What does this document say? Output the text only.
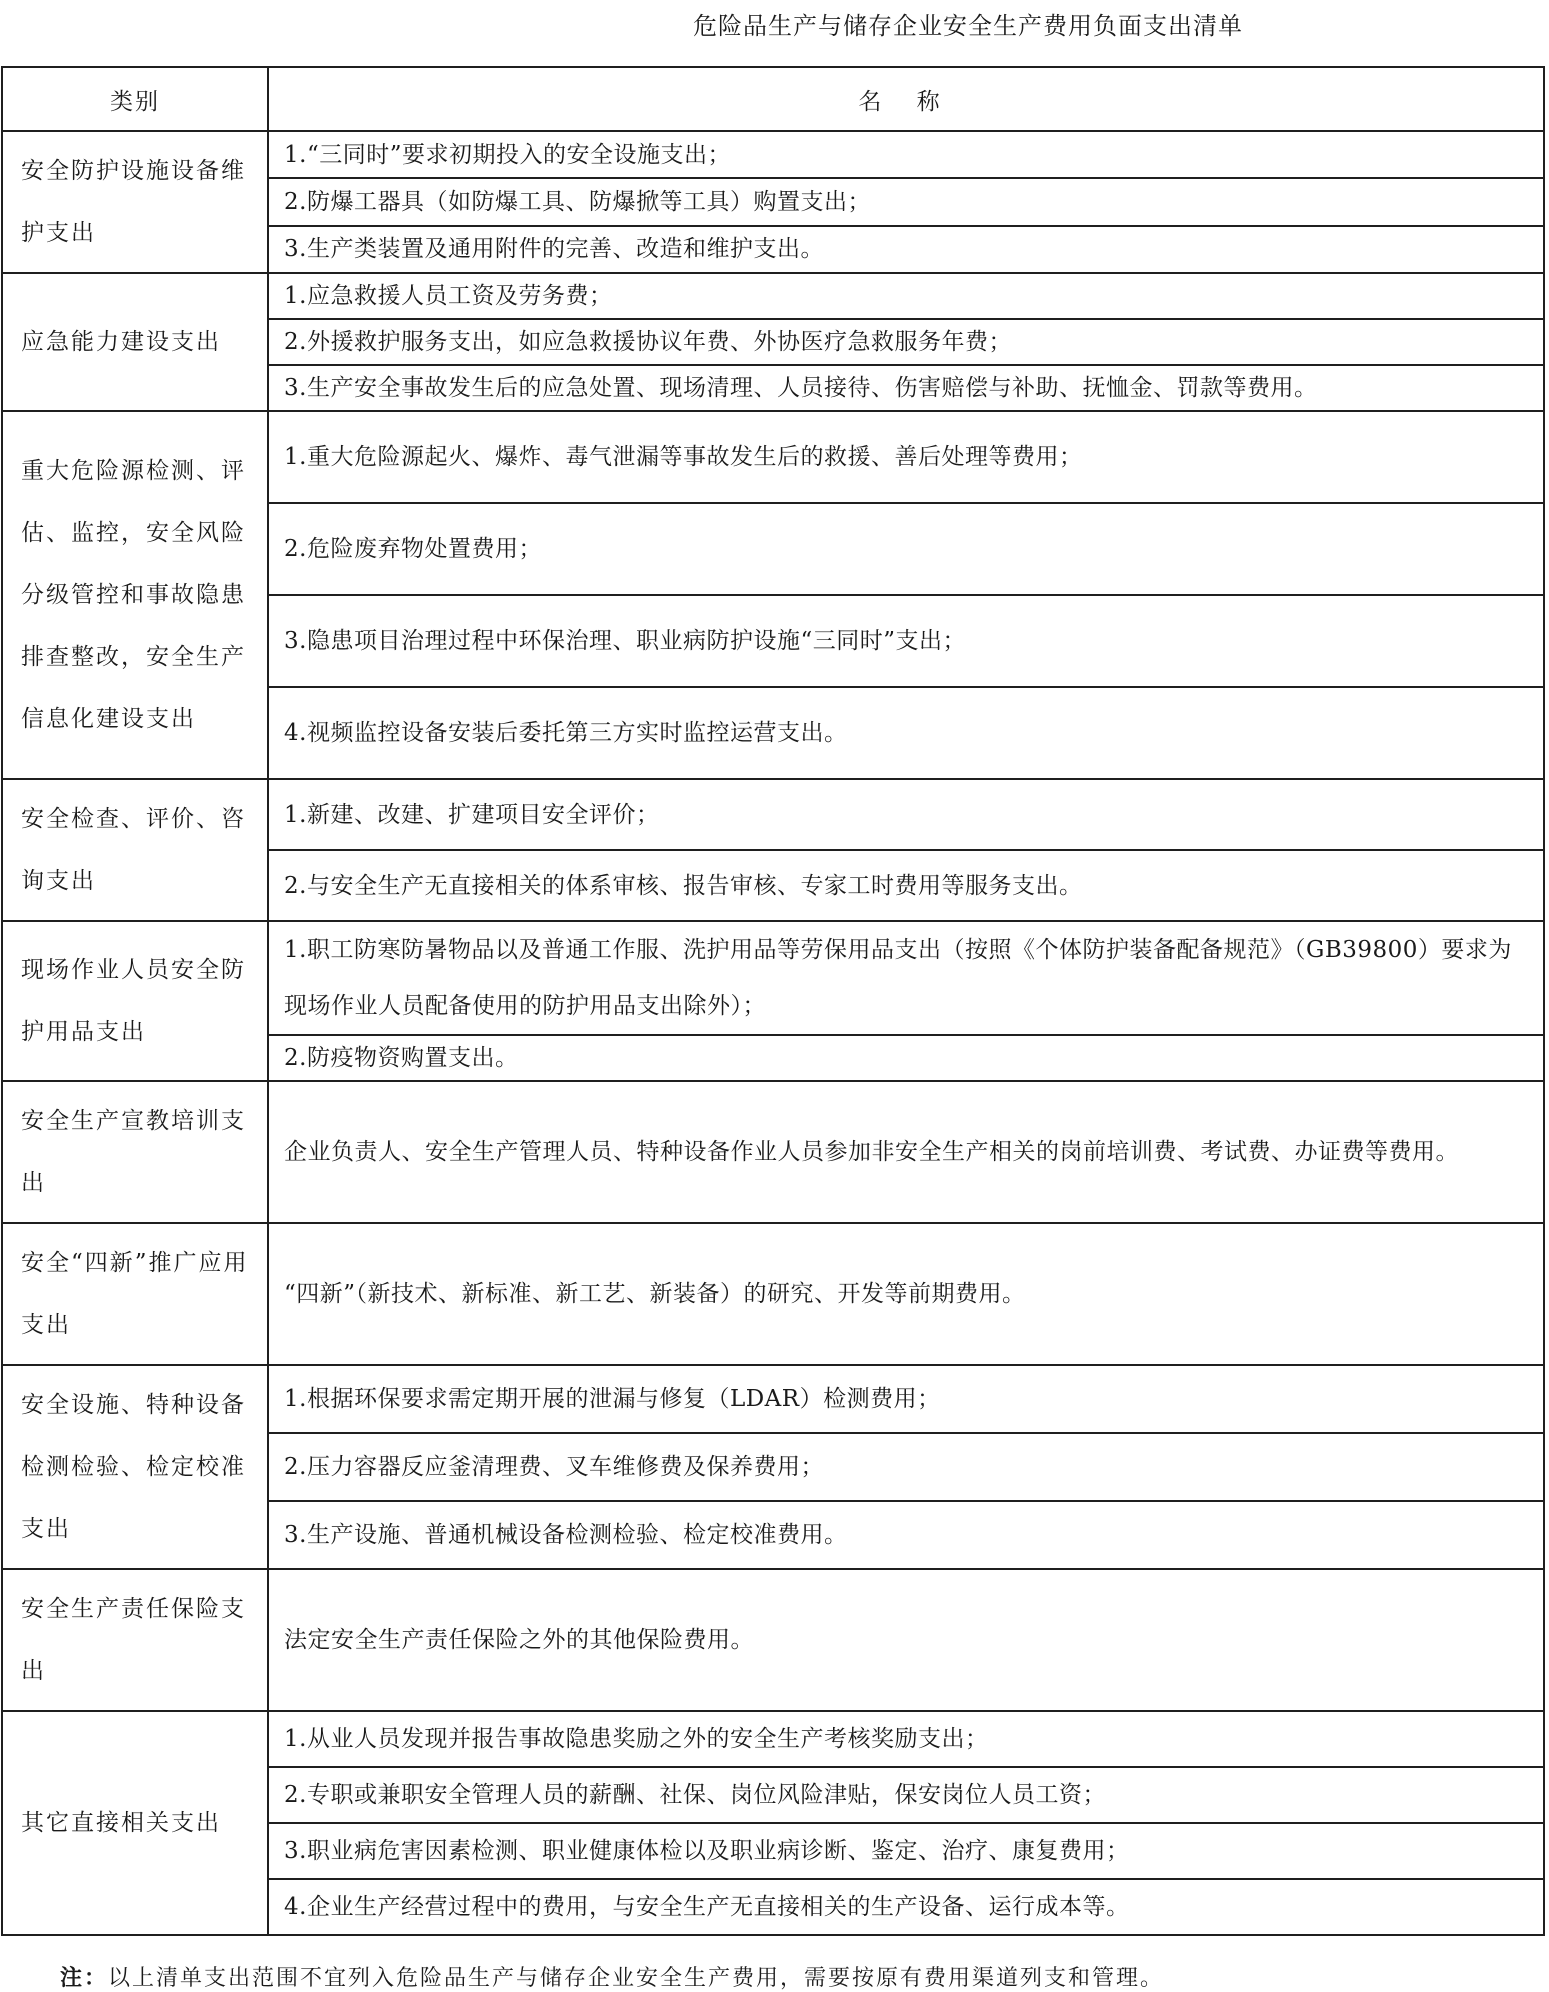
危险品生产与储存企业安全生产费用负面支出清单
类别	名 称
安全防护设施设备维护支出	1.“三同时”要求初期投入的安全设施支出；
	2.防爆工器具（如防爆工具、防爆掀等工具）购置支出；
	3.生产类装置及通用附件的完善、改造和维护支出。
应急能力建设支出	1.应急救援人员工资及劳务费；
	2.外援救护服务支出，如应急救援协议年费、外协医疗急救服务年费；
	3.生产安全事故发生后的应急处置、现场清理、人员接待、伤害赔偿与补助、抚恤金、罚款等费用。
重大危险源检测、评估、监控，安全风险分级管控和事故隐患排查整改，安全生产信息化建设支出	1.重大危险源起火、爆炸、毒气泄漏等事故发生后的救援、善后处理等费用；
	2.危险废弃物处置费用；
	3.隐患项目治理过程中环保治理、职业病防护设施“三同时”支出；
	4.视频监控设备安装后委托第三方实时监控运营支出。
安全检查、评价、咨询支出	1.新建、改建、扩建项目安全评价；
	2.与安全生产无直接相关的体系审核、报告审核、专家工时费用等服务支出。
现场作业人员安全防护用品支出	1.职工防寒防暑物品以及普通工作服、洗护用品等劳保用品支出（按照《个体防护装备配备规范》（GB39800）要求为现场作业人员配备使用的防护用品支出除外）；
	2.防疫物资购置支出。
安全生产宣教培训支出	企业负责人、安全生产管理人员、特种设备作业人员参加非安全生产相关的岗前培训费、考试费、办证费等费用。
安全“四新”推广应用支出	“四新”（新技术、新标准、新工艺、新装备）的研究、开发等前期费用。
安全设施、特种设备检测检验、检定校准支出	1.根据环保要求需定期开展的泄漏与修复（LDAR）检测费用；
	2.压力容器反应釜清理费、叉车维修费及保养费用；
	3.生产设施、普通机械设备检测检验、检定校准费用。
安全生产责任保险支出	法定安全生产责任保险之外的其他保险费用。
其它直接相关支出	1.从业人员发现并报告事故隐患奖励之外的安全生产考核奖励支出；
	2.专职或兼职安全管理人员的薪酬、社保、岗位风险津贴，保安岗位人员工资；
	3.职业病危害因素检测、职业健康体检以及职业病诊断、鉴定、治疗、康复费用；
	4.企业生产经营过程中的费用，与安全生产无直接相关的生产设备、运行成本等。
注：以上清单支出范围不宜列入危险品生产与储存企业安全生产费用，需要按原有费用渠道列支和管理。
